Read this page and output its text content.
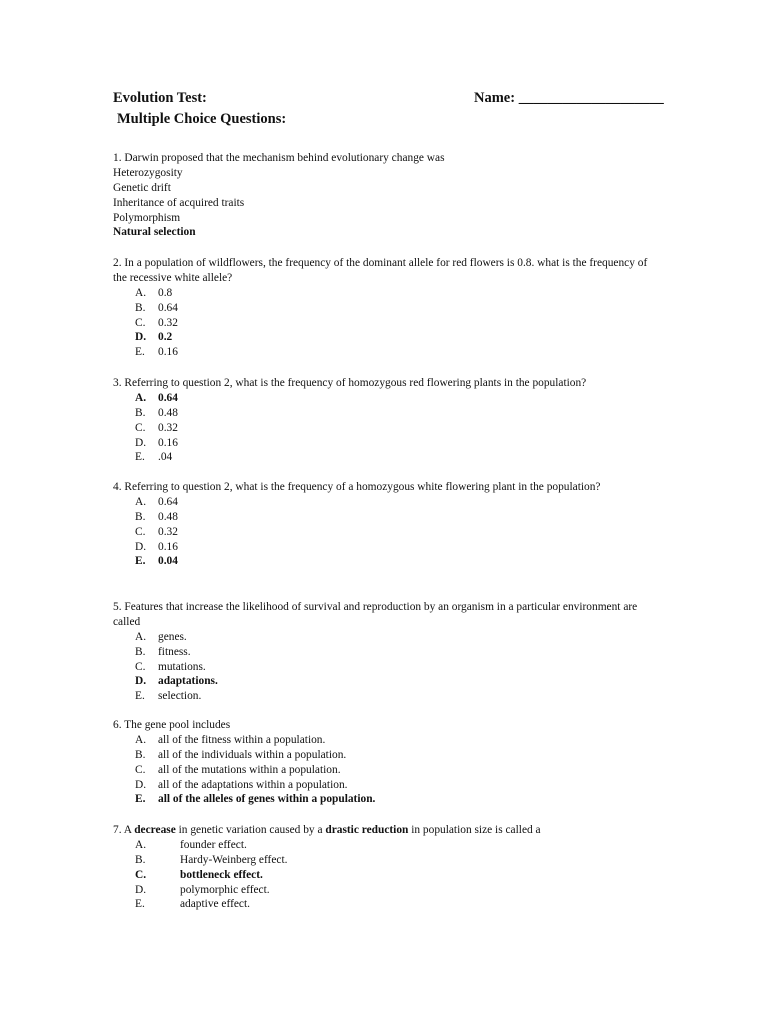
Evolution Test:	Name: ____________________
Multiple Choice Questions:

1. Darwin proposed that the mechanism behind evolutionary change was

Heterozygosity
Genetic drift
Inheritance of acquired traits
Polymorphism
Natural selection

2. In a population of wildflowers, the frequency of the dominant allele for red flowers is 0.8. what is the frequency of the recessive white allele?

A.	0.8
B.	0.64
C.	0.32
D.	0.2
E.	0.16

3. Referring to question 2, what is the frequency of homozygous red flowering plants in the population?

A.	0.64
B.	0.48
C.	0.32
D.	0.16
E.	.04

4. Referring to question 2, what is the frequency of a homozygous white flowering plant in the population?

A.	0.64
B.	0.48
C.	0.32
D.	0.16
E.	0.04

5. Features that increase the likelihood of survival and reproduction by an organism in a particular environment are called

A.	genes.
B.	fitness.
C.	mutations.
D.	adaptations.
E.	selection.

6. The gene pool includes

A.	all of the fitness within a population.
B.	all of the individuals within a population.
C.	all of the mutations within a population.
D.	all of the adaptations within a population.
E.	all of the alleles of genes within a population.

7. A decrease in genetic variation caused by a drastic reduction in population size is called a

A.	founder effect.
B.	Hardy-Weinberg effect.
C.	bottleneck effect.
D.	polymorphic effect.
E.	adaptive effect.
